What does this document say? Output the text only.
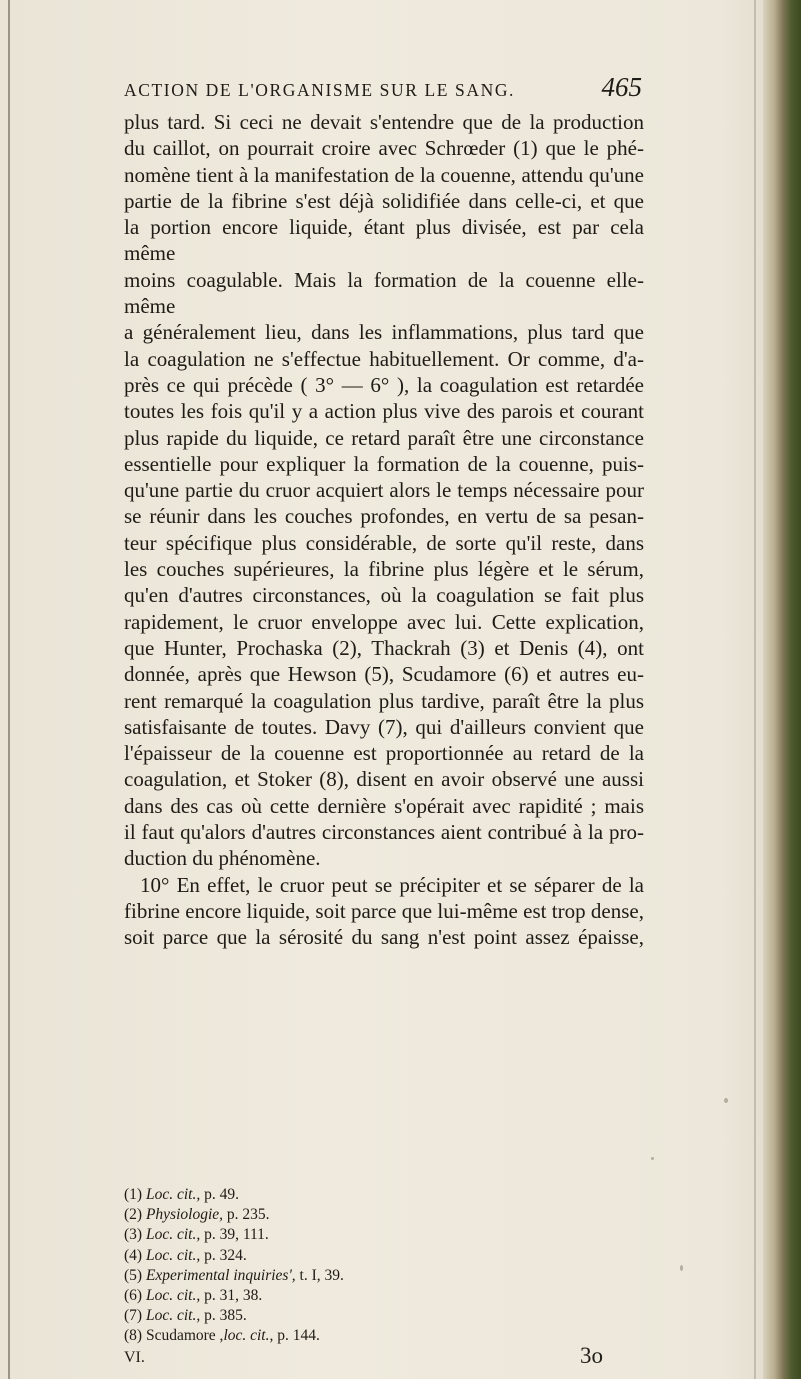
ACTION DE L'ORGANISME SUR LE SANG.	465
plus tard. Si ceci ne devait s'entendre que de la production
du caillot, on pourrait croire avec Schrœder (1) que le phé-
nomène tient à la manifestation de la couenne, attendu qu'une
partie de la fibrine s'est déjà solidifiée dans celle-ci, et que
la portion encore liquide, étant plus divisée, est par cela même
moins coagulable. Mais la formation de la couenne elle-même
a généralement lieu, dans les inflammations, plus tard que
la coagulation ne s'effectue habituellement. Or comme, d'a-
près ce qui précède ( 3° — 6° ), la coagulation est retardée
toutes les fois qu'il y a action plus vive des parois et courant
plus rapide du liquide, ce retard paraît être une circonstance
essentielle pour expliquer la formation de la couenne, puis-
qu'une partie du cruor acquiert alors le temps nécessaire pour
se réunir dans les couches profondes, en vertu de sa pesan-
teur spécifique plus considérable, de sorte qu'il reste, dans
les couches supérieures, la fibrine plus légère et le sérum,
qu'en d'autres circonstances, où la coagulation se fait plus
rapidement, le cruor enveloppe avec lui. Cette explication,
que Hunter, Prochaska (2), Thackrah (3) et Denis (4), ont
donnée, après que Hewson (5), Scudamore (6) et autres eu-
rent remarqué la coagulation plus tardive, paraît être la plus
satisfaisante de toutes. Davy (7), qui d'ailleurs convient que
l'épaisseur de la couenne est proportionnée au retard de la
coagulation, et Stoker (8), disent en avoir observé une aussi
dans des cas où cette dernière s'opérait avec rapidité ; mais
il faut qu'alors d'autres circonstances aient contribué à la pro-
duction du phénomène.
10° En effet, le cruor peut se précipiter et se séparer de la
fibrine encore liquide, soit parce que lui-même est trop dense,
soit parce que la sérosité du sang n'est point assez épaisse,
(1) Loc. cit., p. 49.
(2) Physiologie, p. 235.
(3) Loc. cit., p. 39, 111.
(4) Loc. cit., p. 324.
(5) Experimental inquiries', t. I, 39.
(6) Loc. cit., p. 31, 38.
(7) Loc. cit., p. 385.
(8) Scudamore ,loc. cit., p. 144.
VI.	3o
